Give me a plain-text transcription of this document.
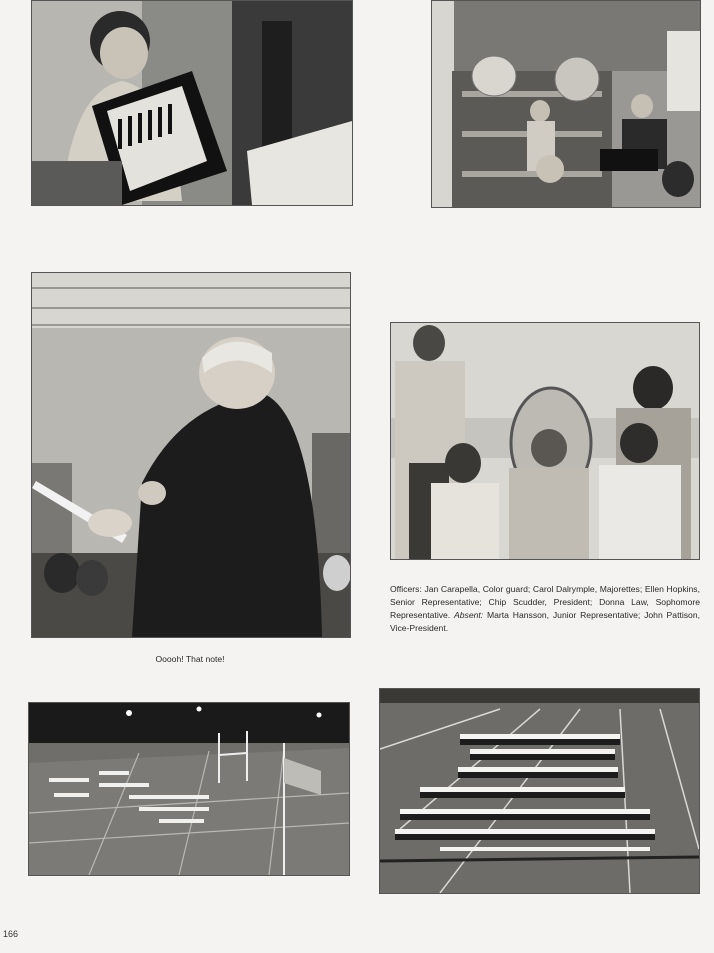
Officers: Jan Carapella, Color guard; Carol Dalrymple, Majorettes; Ellen Hopkins, Senior Representative; Chip Scudder, President; Donna Law, Sophomore Representative. Absent: Marta Hansson, Junior Representative; John Pattison, Vice-President.

Ooooh! That note!
166
